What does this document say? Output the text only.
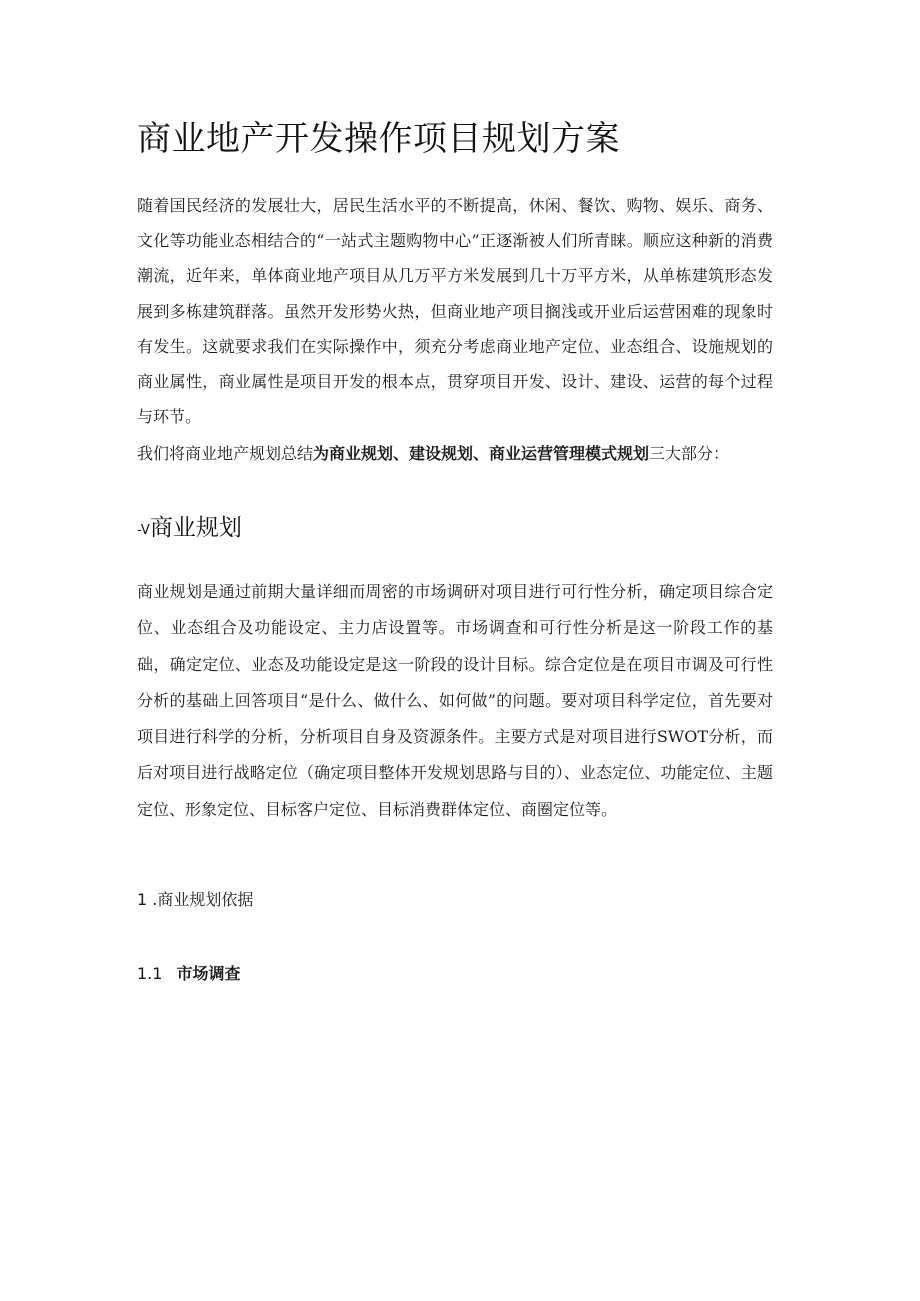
商业地产开发操作项目规划方案

随着国民经济的发展壮大，居民生活水平的不断提高，休闲、餐饮、购物、娱乐、商务、文化等功能业态相结合的“一站式主题购物中心”正逐渐被人们所青睐。顺应这种新的消费潮流，近年来，单体商业地产项目从几万平方米发展到几十万平方米，从单栋建筑形态发展到多栋建筑群落。虽然开发形势火热，但商业地产项目搁浅或开业后运营困难的现象时有发生。这就要求我们在实际操作中，须充分考虑商业地产定位、业态组合、设施规划的商业属性，商业属性是项目开发的根本点，贯穿项目开发、设计、建设、运营的每个过程与环节。

我们将商业地产规划总结为商业规划、建设规划、商业运营管理模式规划三大部分：

-V商业规划

商业规划是通过前期大量详细而周密的市场调研对项目进行可行性分析，确定项目综合定位、业态组合及功能设定、主力店设置等。市场调查和可行性分析是这一阶段工作的基础，确定定位、业态及功能设定是这一阶段的设计目标。综合定位是在项目市调及可行性分析的基础上回答项目“是什么、做什么、如何做”的问题。要对项目科学定位，首先要对项目进行科学的分析，分析项目自身及资源条件。主要方式是对项目进行SWOT分析，而后对项目进行战略定位（确定项目整体开发规划思路与目的）、业态定位、功能定位、主题定位、形象定位、目标客户定位、目标消费群体定位、商圈定位等。

1 .商业规划依据
1.1 市场调查
